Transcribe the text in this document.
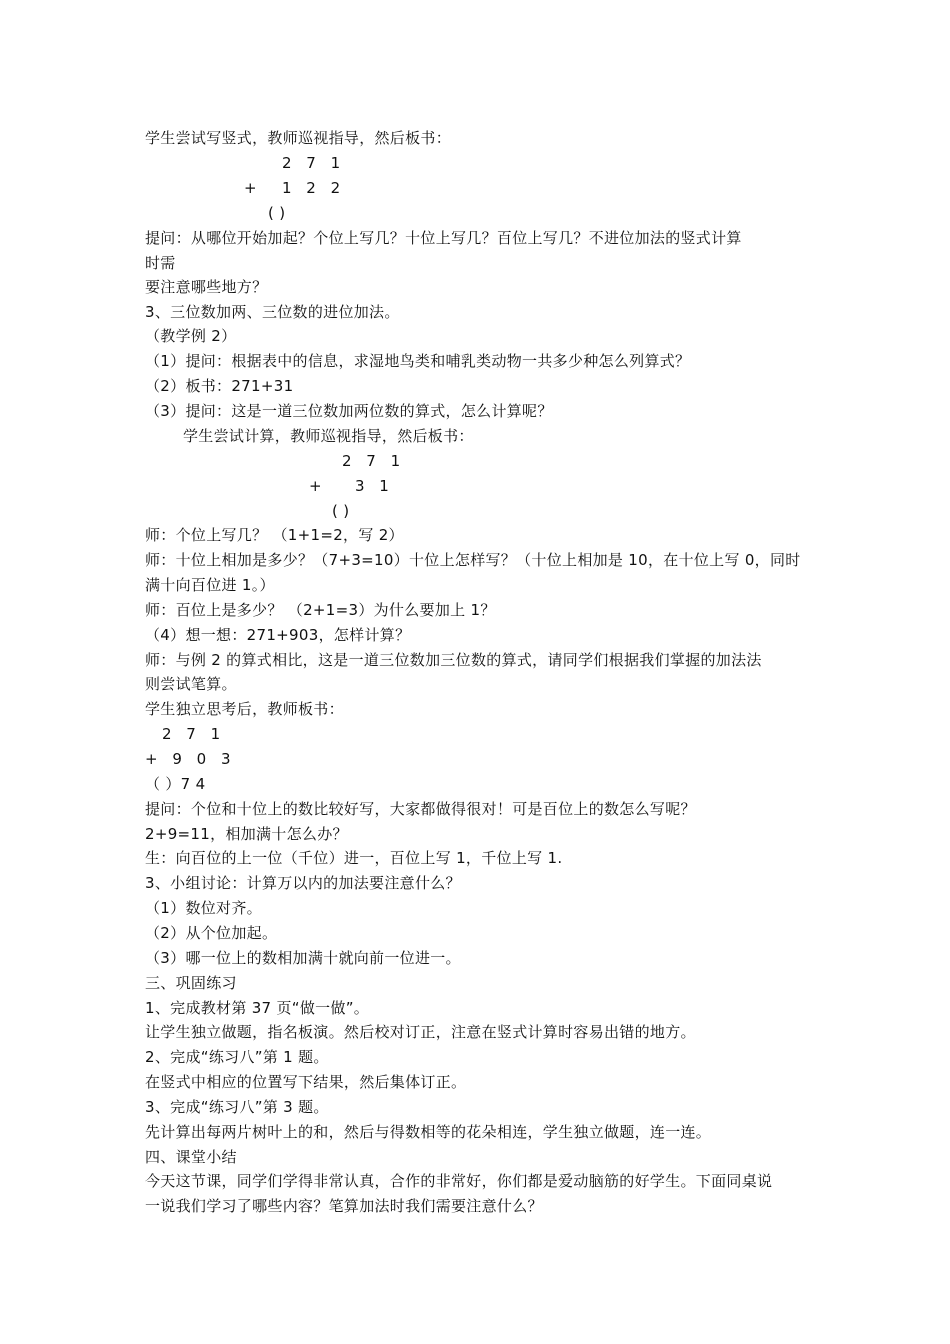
学生尝试写竖式，教师巡视指导，然后板书：
2 7 1
+ 1 2 2
( )
提问：从哪位开始加起？个位上写几？十位上写几？百位上写几？不进位加法的竖式计算
时需
要注意哪些地方？
3、三位数加两、三位数的进位加法。
（教学例 2）
（1）提问：根据表中的信息，求湿地鸟类和哺乳类动物一共多少种怎么列算式？
（2）板书：271+31
（3）提问：这是一道三位数加两位数的算式，怎么计算呢？
学生尝试计算，教师巡视指导，然后板书：
2 7 1
+ 3 1
( )
师：个位上写几？ （1+1=2，写 2）
师：十位上相加是多少？（7+3=10）十位上怎样写？（十位上相加是 10，在十位上写 0，同时
满十向百位进 1。）
师：百位上是多少？ （2+1=3）为什么要加上 1？
（4）想一想：271+903，怎样计算？
师：与例 2 的算式相比，这是一道三位数加三位数的算式，请同学们根据我们掌握的加法法
则尝试笔算。
学生独立思考后，教师板书：
2 7 1
+ 9 0 3
（ ）7 4
提问：个位和十位上的数比较好写，大家都做得很对！可是百位上的数怎么写呢？
2+9=11，相加满十怎么办？
生：向百位的上一位（千位）进一，百位上写 1，千位上写 1.
3、小组讨论：计算万以内的加法要注意什么？
（1）数位对齐。
（2）从个位加起。
（3）哪一位上的数相加满十就向前一位进一。
三、巩固练习
1、完成教材第 37 页“做一做”。
让学生独立做题，指名板演。然后校对订正，注意在竖式计算时容易出错的地方。
2、完成“练习八”第 1 题。
在竖式中相应的位置写下结果，然后集体订正。
3、完成“练习八”第 3 题。
先计算出每两片树叶上的和，然后与得数相等的花朵相连，学生独立做题，连一连。
四、课堂小结
今天这节课，同学们学得非常认真，合作的非常好，你们都是爱动脑筋的好学生。下面同桌说
一说我们学习了哪些内容？笔算加法时我们需要注意什么？
